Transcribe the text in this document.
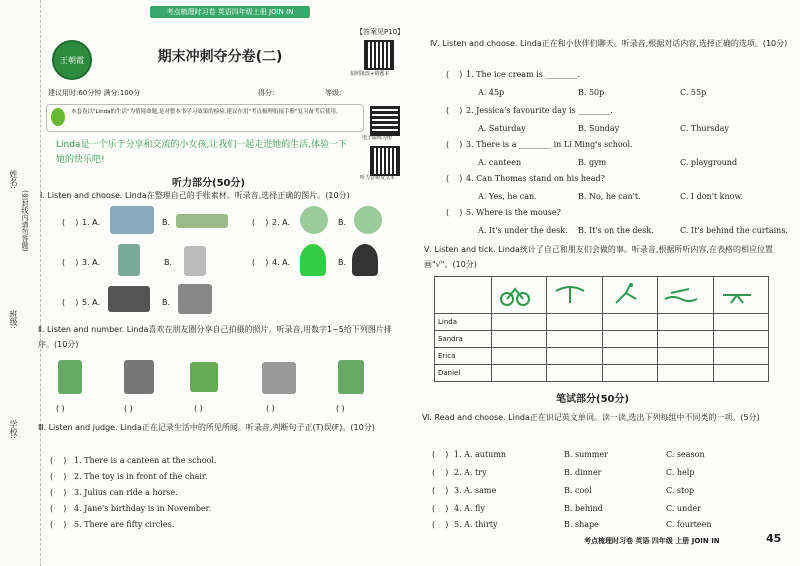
姓名:
(密封线内请勿答题)
班级:
学校:
考点梳理时习卷 英语四年级上册 JOIN IN
【答案见P10】
王朝霞	期末冲刺夺分卷(二)
拍照批改+错题本
建议用时:60分钟 满分:100分	得分:	等级:
本套卷以"Linda的生活"为情境命题,是对整本书学习效果的检验,建议在用"考点梳理衔接手册"复习备考后使用。
电子版练习册
听力音频及文本
Linda是一个乐于分享和交流的小女孩,让我们一起走进她的生活,体验一下她的快乐吧!
听力部分(50分)
Ⅰ. Listen and choose. Linda在整理自己的手账素材。听录音,选择正确的图片。(10分)
(    ) 1. A.	B.	(    ) 2. A.	B.
(    ) 3. A.	B.	(    ) 4. A.	B.
(    ) 5. A.	B.
Ⅱ. Listen and number. Linda喜欢在朋友圈分享自己拍摄的照片。听录音,用数字1~5给下列图片排序。(10分)
( )	( )	( )	( )	( )
Ⅲ. Listen and judge. Linda正在记录生活中的所见所闻。听录音,判断句子正(T)误(F)。(10分)
(    ) 1. There is a canteen at the school.
(    ) 2. The toy is in front of the chair.
(    ) 3. Julius can ride a horse.
(    ) 4. Jane's birthday is in November.
(    ) 5. There are fifty circles.
Ⅳ. Listen and choose. Linda正在和小伙伴们聊天。听录音,根据对话内容,选择正确的选项。(10分)
(    ) 1. The ice cream is ________.
A. 45p	B. 50p	C. 55p
(    ) 2. Jessica's favourite day is ________.
A. Saturday	B. Sunday	C. Thursday
(    ) 3. There is a ________ in Li Ming's school.
A. canteen	B. gym	C. playground
(    ) 4. Can Thomas stand on his head?
A. Yes, he can.	B. No, he can't.	C. I don't know.
(    ) 5. Where is the mouse?
A. It's under the desk. B. It's on the desk.	C. It's behind the curtains.
Ⅴ. Listen and tick. Linda统计了自己和朋友们会做的事。听录音,根据所听内容,在表格的相应位置画"√"。(10分)

Linda					
Sandra					
Erica					
Daniel					
笔试部分(50分)
Ⅵ. Read and choose. Linda正在识记英文单词。读一读,选出下列每组中不同类的一项。(5分)
(    ) 1. A. autumn	B. summer	C. season
(    ) 2. A. try	B. dinner	C. help
(    ) 3. A. same	B. cool	C. stop
(    ) 4. A. fly	B. behind	C. under
(    ) 5. A. thirty	B. shape	C. fourteen
考点梳理时习卷 英语 四年级 上册 JOIN IN	45
